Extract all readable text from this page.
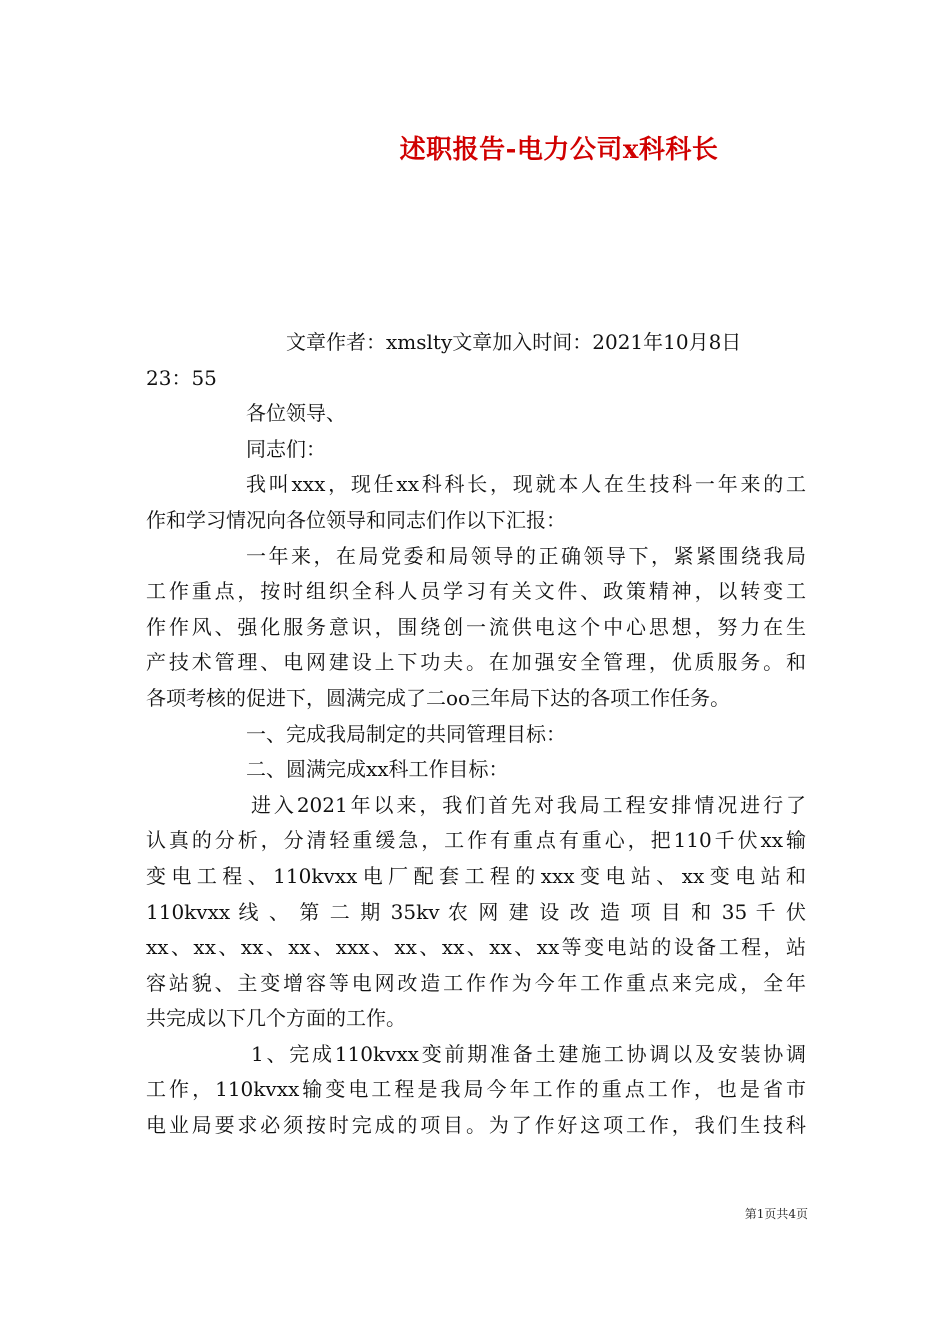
述职报告-电力公司x科科长
文章作者：xmslty文章加入时间：2021年10月8日
23：55
各位领导、
同志们：
我叫xxx，现任xx科科长，现就本人在生技科一年来的工
作和学习情况向各位领导和同志们作以下汇报：
一年来，在局党委和局领导的正确领导下，紧紧围绕我局
工作重点，按时组织全科人员学习有关文件、政策精神，以转变工
作作风、强化服务意识，围绕创一流供电这个中心思想，努力在生
产技术管理、电网建设上下功夫。在加强安全管理，优质服务。和
各项考核的促进下，圆满完成了二oo三年局下达的各项工作任务。
一、完成我局制定的共同管理目标：
二、圆满完成xx科工作目标：
进入2021年以来，我们首先对我局工程安排情况进行了
认真的分析，分清轻重缓急，工作有重点有重心，把110千伏xx输
变电工程、110kvxx电厂配套工程的xxx变电站、xx变电站和
110kvxx 线 、 第 二 期 35kv 农 网 建 设 改 造 项 目 和 35 千 伏
xx、xx、xx、xx、xxx、xx、xx、xx、xx等变电站的设备工程，站
容站貌、主变增容等电网改造工作作为今年工作重点来完成，全年
共完成以下几个方面的工作。
1、完成110kvxx变前期准备土建施工协调以及安装协调
工作，110kvxx输变电工程是我局今年工作的重点工作，也是省市
电业局要求必须按时完成的项目。为了作好这项工作，我们生技科
第1页共4页
